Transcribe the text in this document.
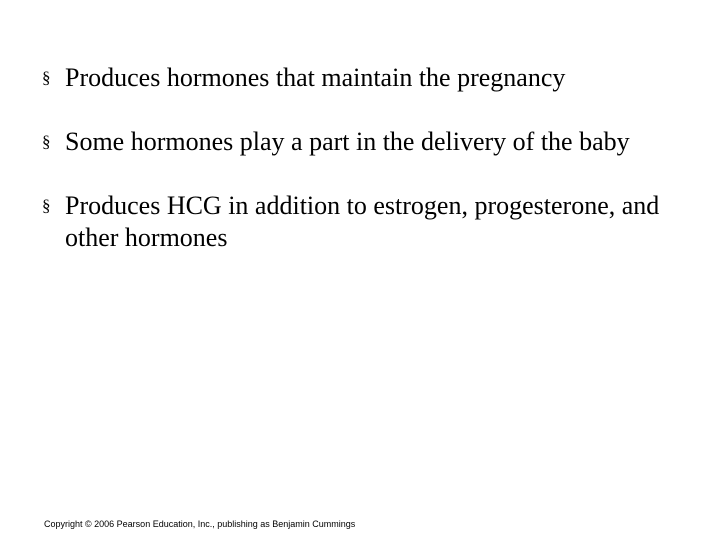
§ Produces hormones that maintain the pregnancy
§ Some hormones play a part in the delivery of the baby
§ Produces HCG in addition to estrogen, progesterone, and other hormones
Copyright © 2006 Pearson Education, Inc., publishing as Benjamin Cummings
